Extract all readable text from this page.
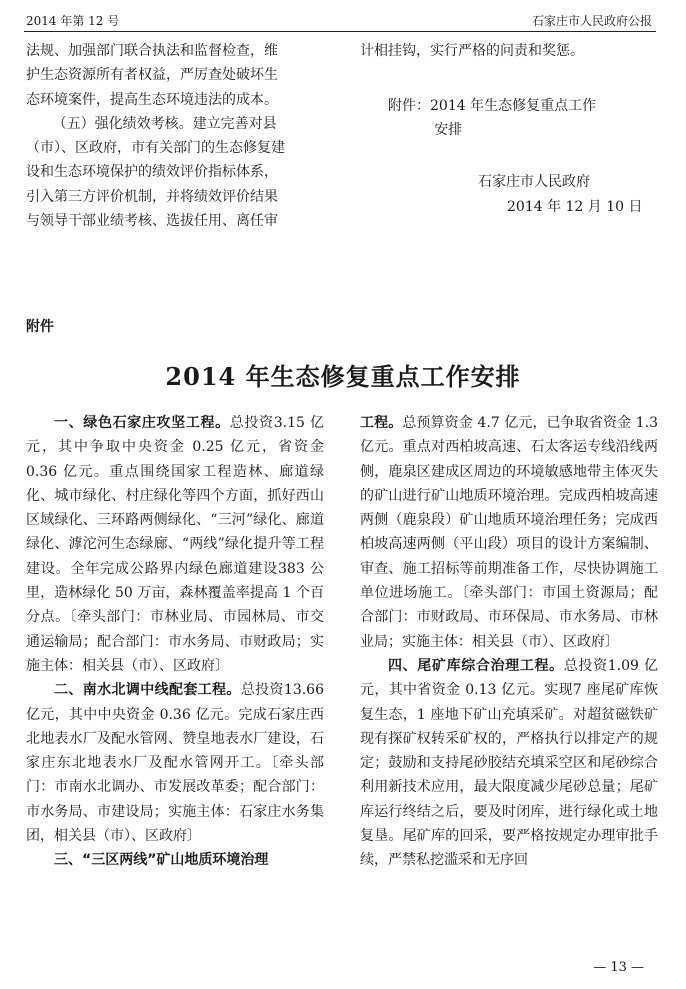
2014 年第 12 号	石家庄市人民政府公报

法规、加强部门联合执法和监督检查，维
护生态资源所有者权益，严厉查处破坏生
态环境案件，提高生态环境违法的成本。
（五）强化绩效考核。建立完善对县
（市）、区政府，市有关部门的生态修复建
设和生态环境保护的绩效评价指标体系，
引入第三方评价机制，并将绩效评价结果
与领导干部业绩考核、选拔任用、离任审

计相挂钩，实行严格的问责和奖惩。

附件：2014 年生态修复重点工作
安排
石家庄市人民政府
2014 年 12 月 10 日
附件
2014 年生态修复重点工作安排

一、绿色石家庄攻坚工程。总投资3.15 亿元，其中争取中央资金 0.25 亿元，省资金 0.36 亿元。重点围绕国家工程造林、廊道绿化、城市绿化、村庄绿化等四个方面，抓好西山区域绿化、三环路两侧绿化、“三河”绿化、廊道绿化、滹沱河生态绿廊、“两线”绿化提升等工程建设。全年完成公路界内绿色廊道建设383 公里，造林绿化 50 万亩，森林覆盖率提高 1 个百分点。〔牵头部门：市林业局、市园林局、市交通运输局；配合部门：市水务局、市财政局；实施主体：相关县（市）、区政府〕

二、南水北调中线配套工程。总投资13.66 亿元，其中中央资金 0.36 亿元。完成石家庄西北地表水厂及配水管网、赞皇地表水厂建设，石家庄东北地表水厂及配水管网开工。〔牵头部门：市南水北调办、市发展改革委；配合部门：市水务局、市建设局；实施主体：石家庄水务集团，相关县（市）、区政府〕

三、“三区两线”矿山地质环境治理

工程。总预算资金 4.7 亿元，已争取省资金 1.3 亿元。重点对西柏坡高速、石太客运专线沿线两侧，鹿泉区建成区周边的环境敏感地带主体灭失的矿山进行矿山地质环境治理。完成西柏坡高速两侧（鹿泉段）矿山地质环境治理任务；完成西柏坡高速两侧（平山段）项目的设计方案编制、审查、施工招标等前期准备工作，尽快协调施工单位进场施工。〔牵头部门：市国土资源局；配合部门：市财政局、市环保局、市水务局、市林业局；实施主体：相关县（市）、区政府〕

四、尾矿库综合治理工程。总投资1.09 亿元，其中省资金 0.13 亿元。实现7 座尾矿库恢复生态，1 座地下矿山充填采矿。对超贫磁铁矿现有探矿权转采矿权的，严格执行以排定产的规定；鼓励和支持尾砂胶结充填采空区和尾砂综合利用新技术应用，最大限度减少尾砂总量；尾矿库运行终结之后，要及时闭库，进行绿化或土地复垦。尾矿库的回采，要严格按规定办理审批手续，严禁私挖滥采和无序回

— 13 —
